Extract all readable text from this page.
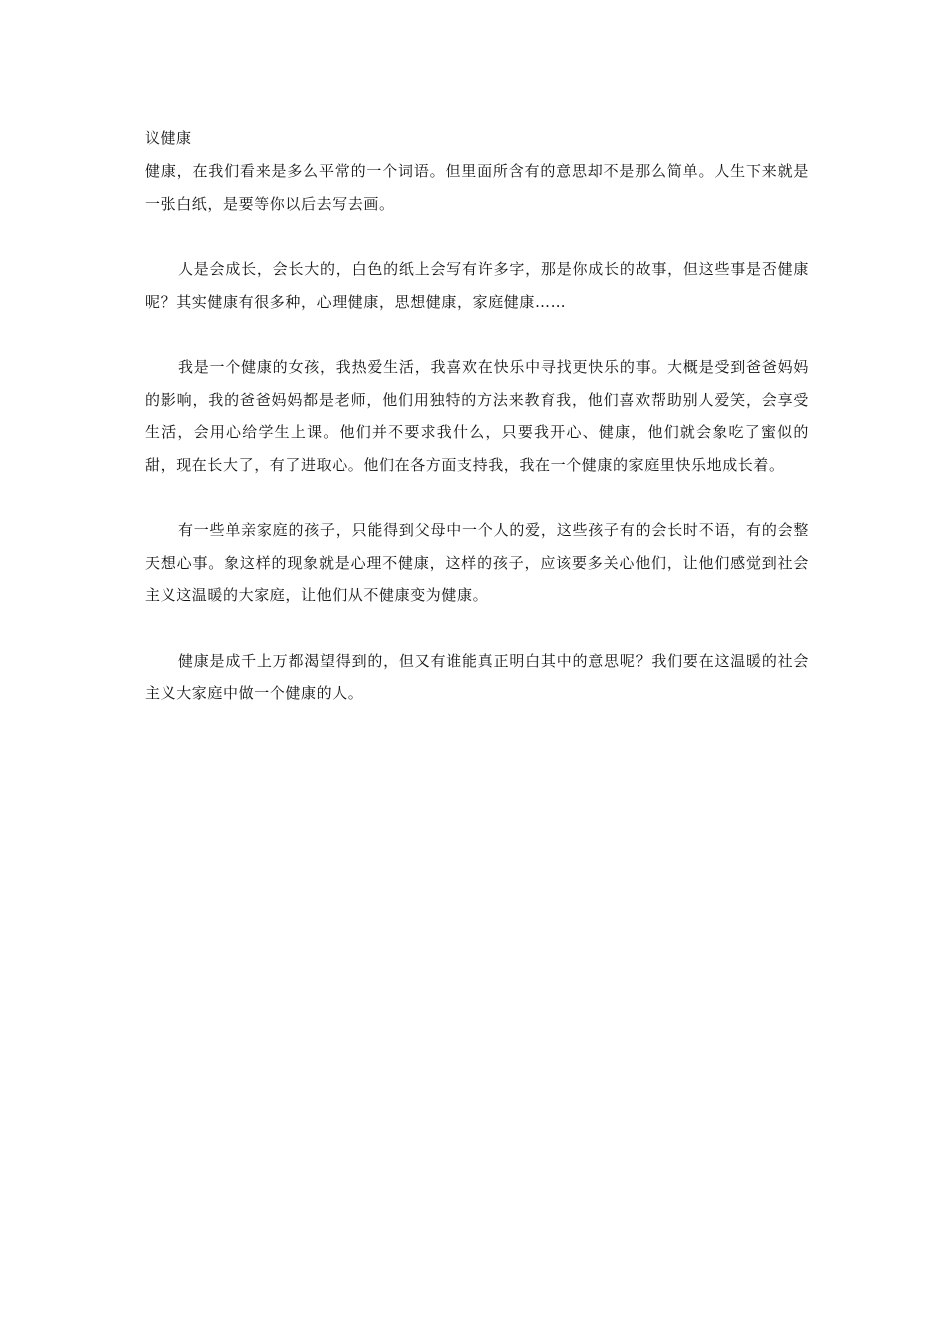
议健康

健康，在我们看来是多么平常的一个词语。但里面所含有的意思却不是那么简单。人生下来就是一张白纸，是要等你以后去写去画。

人是会成长，会长大的，白色的纸上会写有许多字，那是你成长的故事，但这些事是否健康呢？其实健康有很多种，心理健康，思想健康，家庭健康……

我是一个健康的女孩，我热爱生活，我喜欢在快乐中寻找更快乐的事。大概是受到爸爸妈妈的影响，我的爸爸妈妈都是老师，他们用独特的方法来教育我，他们喜欢帮助别人爱笑，会享受生活，会用心给学生上课。他们并不要求我什么，只要我开心、健康，他们就会象吃了蜜似的甜，现在长大了，有了进取心。他们在各方面支持我，我在一个健康的家庭里快乐地成长着。

有一些单亲家庭的孩子，只能得到父母中一个人的爱，这些孩子有的会长时不语，有的会整天想心事。象这样的现象就是心理不健康，这样的孩子，应该要多关心他们，让他们感觉到社会主义这温暖的大家庭，让他们从不健康变为健康。

健康是成千上万都渴望得到的，但又有谁能真正明白其中的意思呢？我们要在这温暖的社会主义大家庭中做一个健康的人。
